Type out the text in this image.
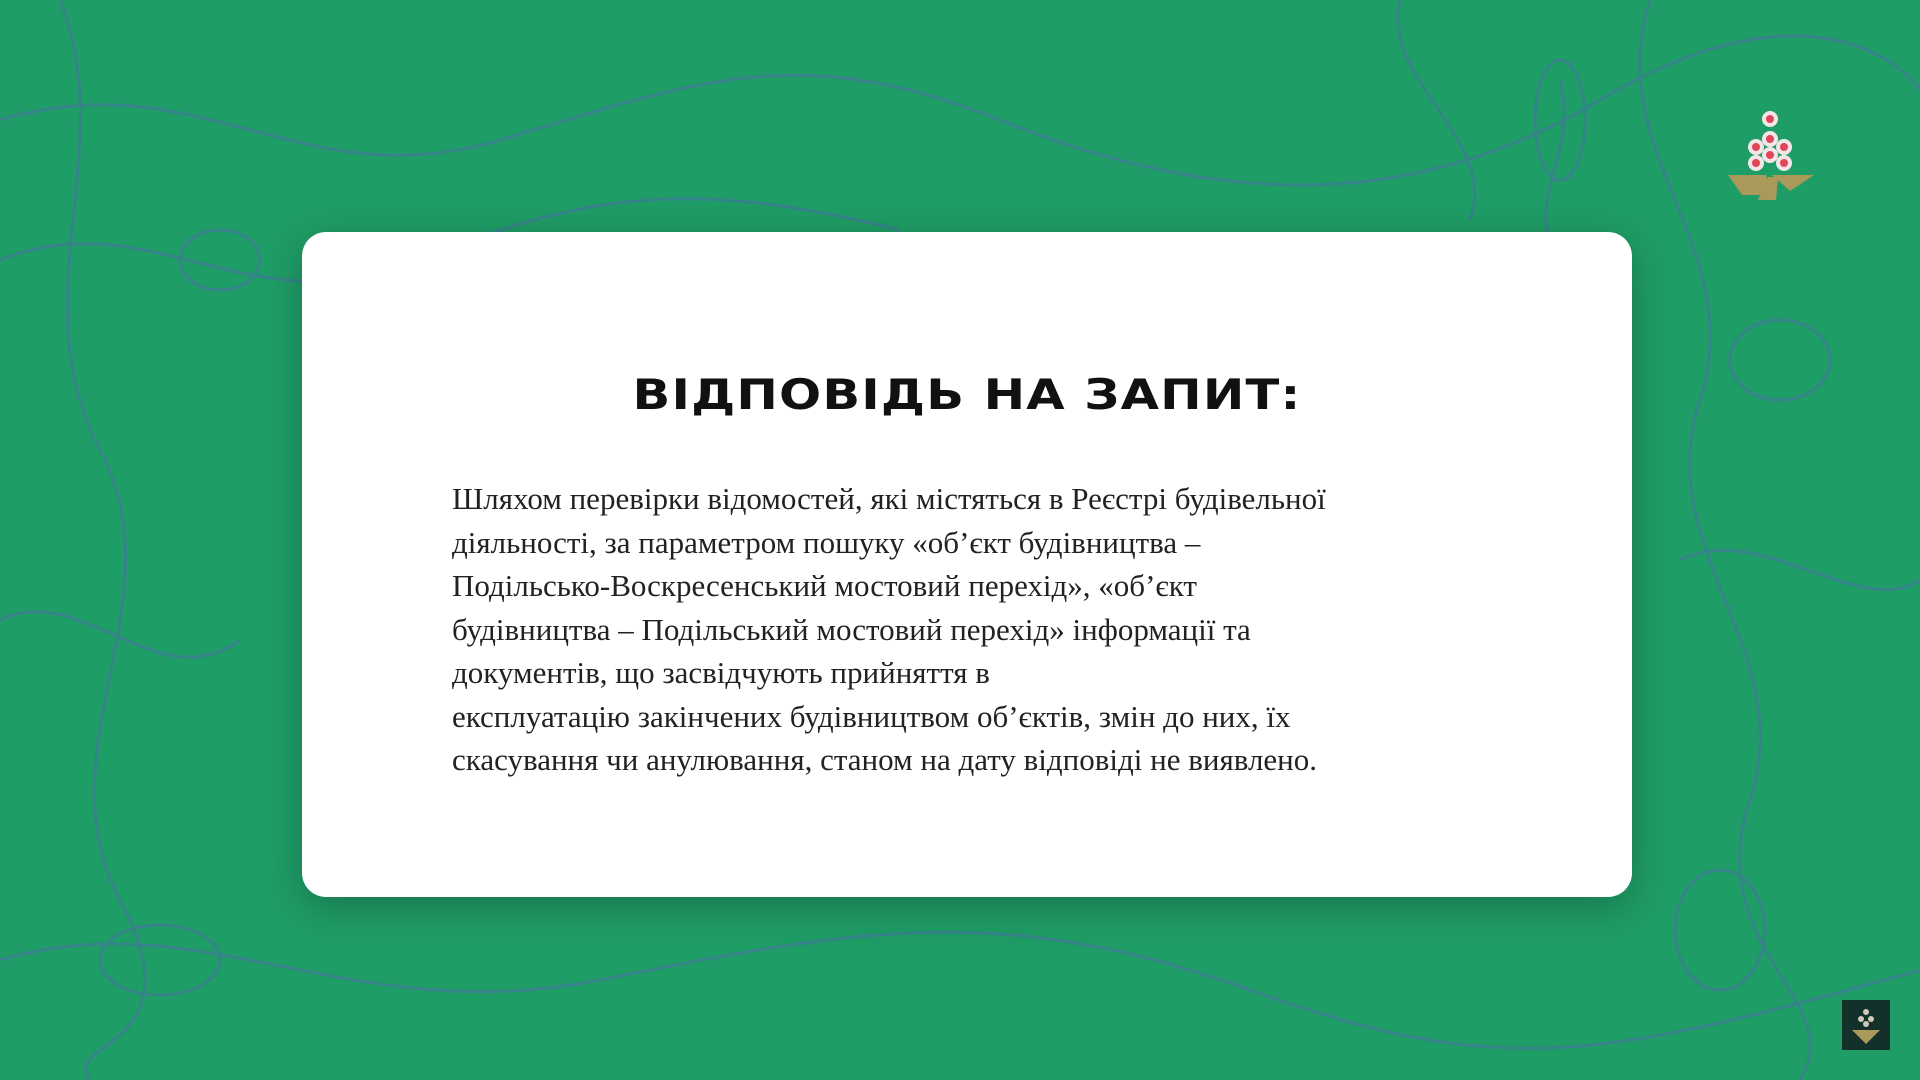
ВІДПОВІДЬ НА ЗАПИТ:
Шляхом перевірки відомостей, які містяться в Реєстрі будівельної
діяльності, за параметром пошуку «об’єкт будівництва –
Подільсько-Воскресенський мостовий перехід», «об’єкт
будівництва – Подільський мостовий перехід» інформації та
документів, що засвідчують прийняття в
експлуатацію закінчених будівництвом об’єктів, змін до них, їх
скасування чи анулювання, станом на дату відповіді не виявлено.
